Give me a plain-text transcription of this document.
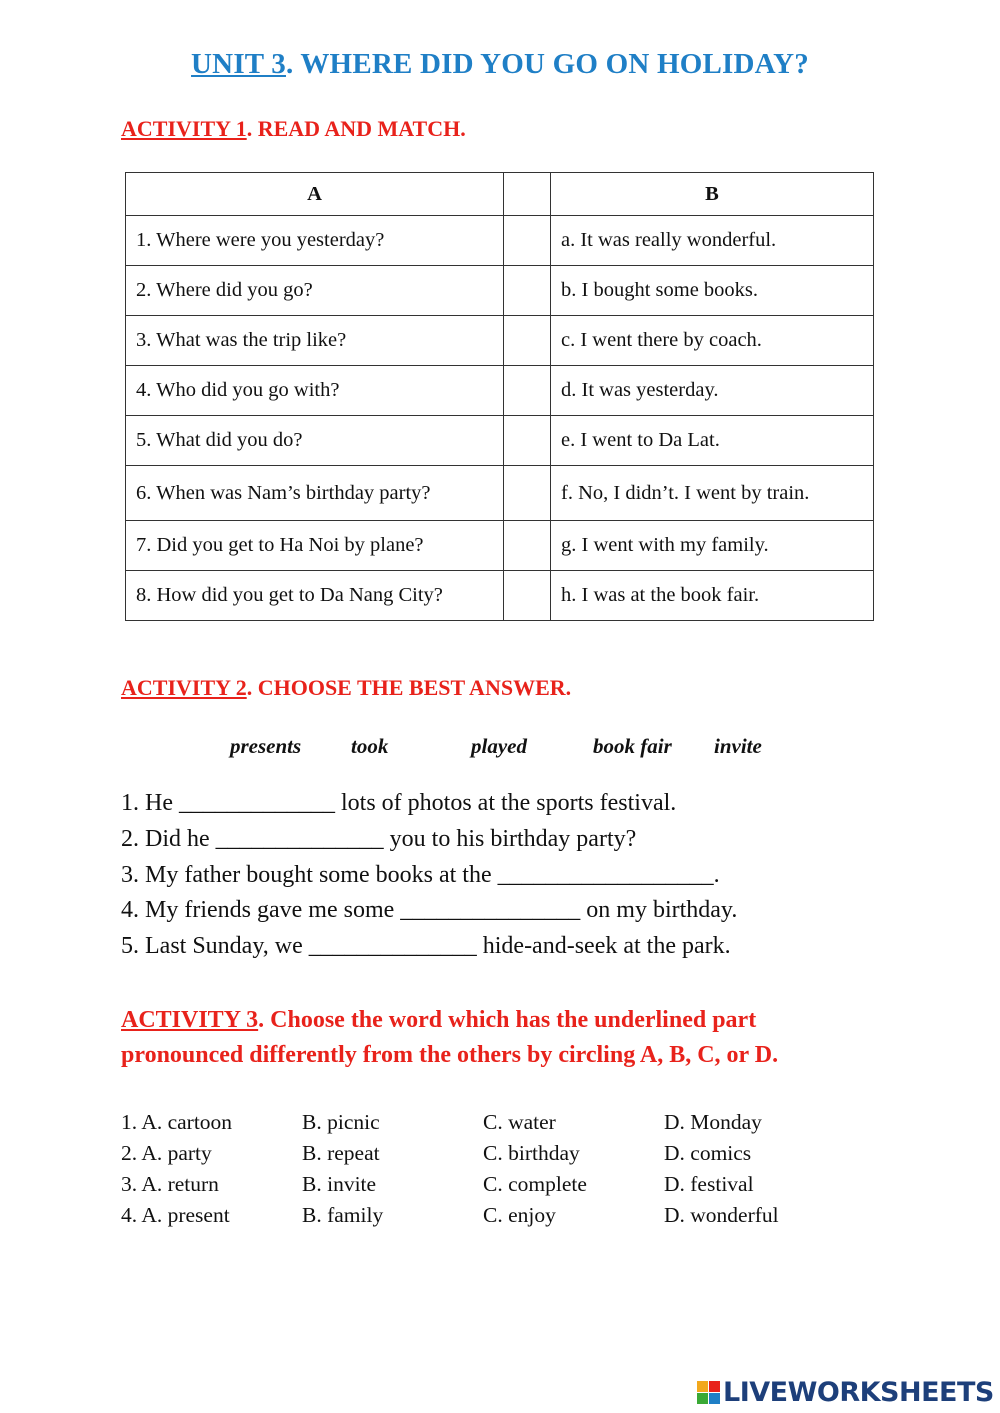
UNIT 3. WHERE DID YOU GO ON HOLIDAY?
ACTIVITY 1. READ AND MATCH.
A		B
1. Where were you yesterday?		a. It was really wonderful.
2. Where did you go?		b. I bought some books.
3. What was the trip like?		c. I went there by coach.
4. Who did you go with?		d. It was yesterday.
5. What did you do?		e. I went to Da Lat.
6. When was Nam’s birthday party?		f. No, I didn’t. I went by train.
7. Did you get to Ha Noi by plane?		g. I went with my family.
8. How did you get to Da Nang City?		h. I was at the book fair.
ACTIVITY 2. CHOOSE THE BEST ANSWER.
presents took	played	book fair invite
1. He _____________ lots of photos at the sports festival.
2. Did he ______________ you to his birthday party?
3. My father bought some books at the __________________.
4. My friends gave me some _______________ on my birthday.
5. Last Sunday, we ______________ hide-and-seek at the park.
ACTIVITY 3. Choose the word which has the underlined part pronounced differently from the others by circling A, B, C, or D.
1. A. cartoon	B. picnic	C. water	D. Monday
2. A. party	B. repeat	C. birthday	D. comics
3. A. return	B. invite	C. complete	D. festival
4. A. present	B. family	C. enjoy	D. wonderful
LIVEWORKSHEETS
